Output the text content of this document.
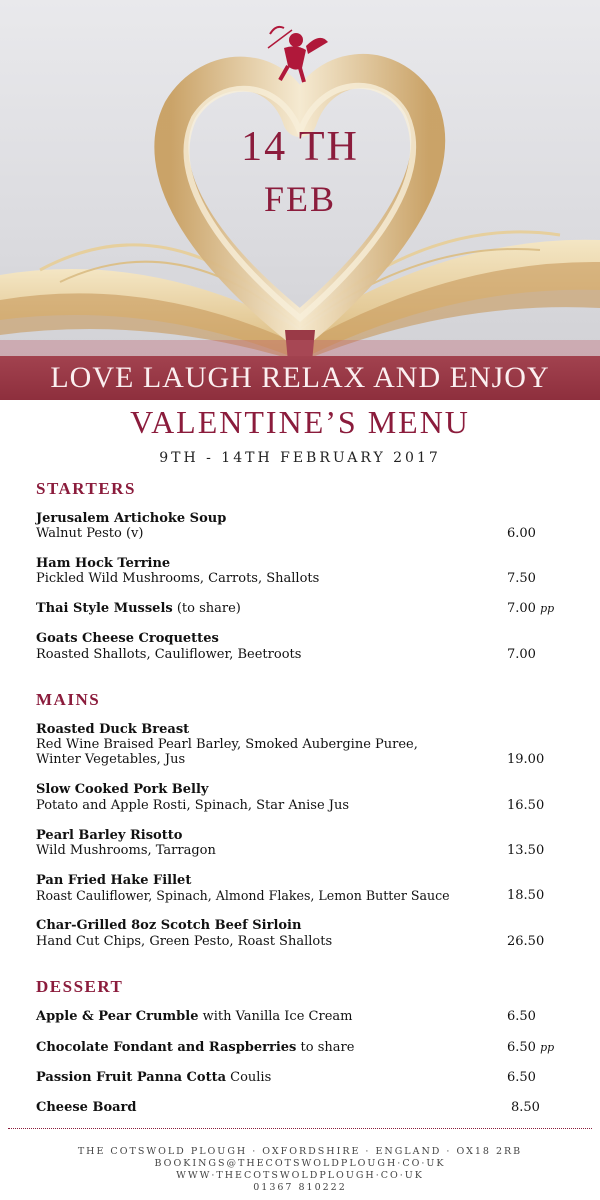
14 TH
FEB
LOVE LAUGH RELAX AND ENJOY
VALENTINE’S MENU
9TH - 14TH FEBRUARY 2017
STARTERS
Jerusalem Artichoke Soup
Walnut Pesto (v)	6.00
Ham Hock Terrine
Pickled Wild Mushrooms, Carrots, Shallots	7.50
Thai Style Mussels (to share)	7.00 pp
Goats Cheese Croquettes
Roasted Shallots, Cauliflower, Beetroots	7.00
MAINS
Roasted Duck Breast
Red Wine Braised Pearl Barley, Smoked Aubergine Puree,
Winter Vegetables, Jus	19.00
Slow Cooked Pork Belly
Potato and Apple Rosti, Spinach, Star Anise Jus	16.50
Pearl Barley Risotto
Wild Mushrooms, Tarragon	13.50
Pan Fried Hake Fillet
Roast Cauliflower, Spinach, Almond Flakes, Lemon Butter Sauce	18.50
Char-Grilled 8oz Scotch Beef Sirloin
Hand Cut Chips, Green Pesto, Roast Shallots	26.50
DESSERT
Apple & Pear Crumble with Vanilla Ice Cream	6.50
Chocolate Fondant and Raspberries to share	6.50 pp
Passion Fruit Panna Cotta Coulis	6.50
Cheese Board	8.50
THE COTSWOLD PLOUGH · OXFORDSHIRE · ENGLAND · OX18 2RB
BOOKINGS@THECOTSWOLDPLOUGH·CO·UK
WWW·THECOTSWOLDPLOUGH·CO·UK
01367 810222
